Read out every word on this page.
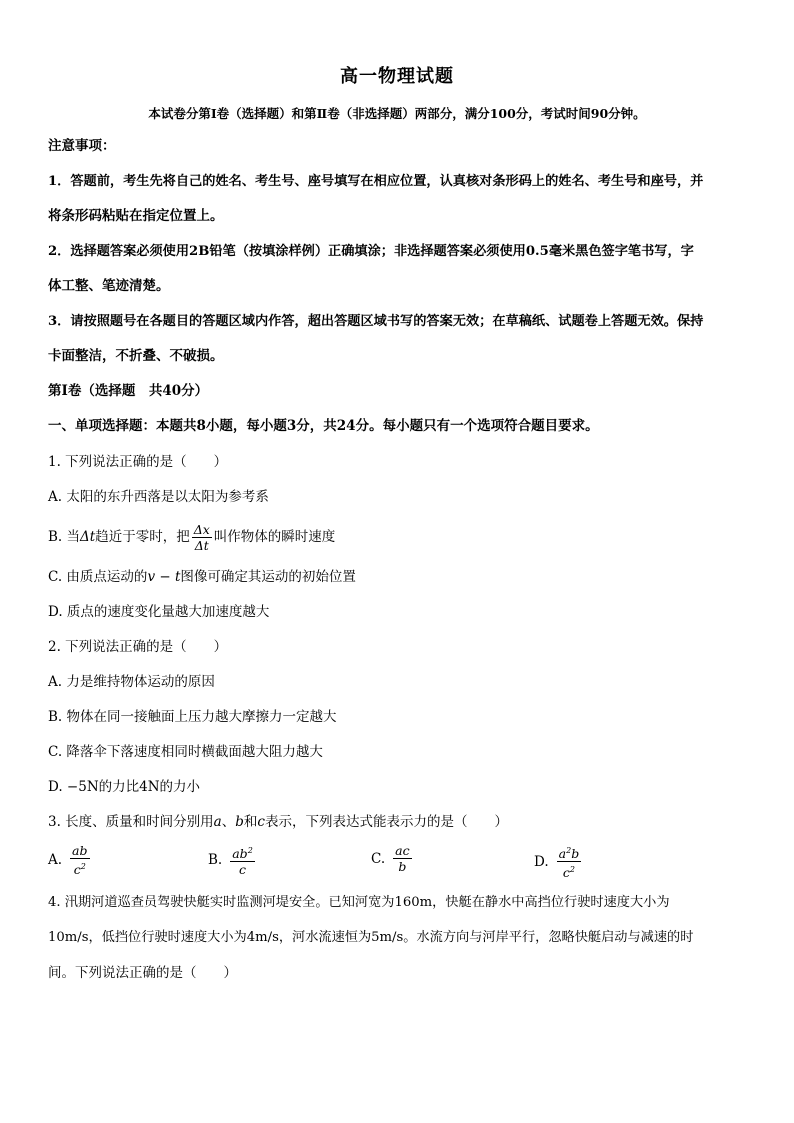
高一物理试题
本试卷分第Ⅰ卷（选择题）和第Ⅱ卷（非选择题）两部分，满分100分，考试时间90分钟。
注意事项：
1．答题前，考生先将自己的姓名、考生号、座号填写在相应位置，认真核对条形码上的姓名、考生号和座号，并
将条形码粘贴在指定位置上。
2．选择题答案必须使用2B铅笔（按填涂样例）正确填涂；非选择题答案必须使用0.5毫米黑色签字笔书写，字
体工整、笔迹清楚。
3．请按照题号在各题目的答题区域内作答，超出答题区域书写的答案无效；在草稿纸、试题卷上答题无效。保持
卡面整洁，不折叠、不破损。
第Ⅰ卷（选择题　共40分）
一、单项选择题：本题共8小题，每小题3分，共24分。每小题只有一个选项符合题目要求。
1. 下列说法正确的是（　　）
A. 太阳的东升西落是以太阳为参考系
B. 当Δt趋近于零时，把 $\frac{\Delta x}{\Delta t}$ 叫作物体的瞬时速度
C. 由质点运动的v − t图像可确定其运动的初始位置
D. 质点的速度变化量越大加速度越大
2. 下列说法正确的是（　　）
A. 力是维持物体运动的原因
B. 物体在同一接触面上压力越大摩擦力一定越大
C. 降落伞下落速度相同时横截面越大阻力越大
D. −5N的力比4N的力小
3. 长度、质量和时间分别用a、b和c表示，下列表达式能表示力的是（　　）
A. $\frac{ab}{c^2}$	B. $\frac{ab^2}{c}$	C. $\frac{ac}{b}$	D. $\frac{a^2b}{c^2}$
4. 汛期河道巡查员驾驶快艇实时监测河堤安全。已知河宽为160m，快艇在静水中高挡位行驶时速度大小为
10m/s，低挡位行驶时速度大小为4m/s，河水流速恒为5m/s。水流方向与河岸平行，忽略快艇启动与减速的时
间。下列说法正确的是（　　）
